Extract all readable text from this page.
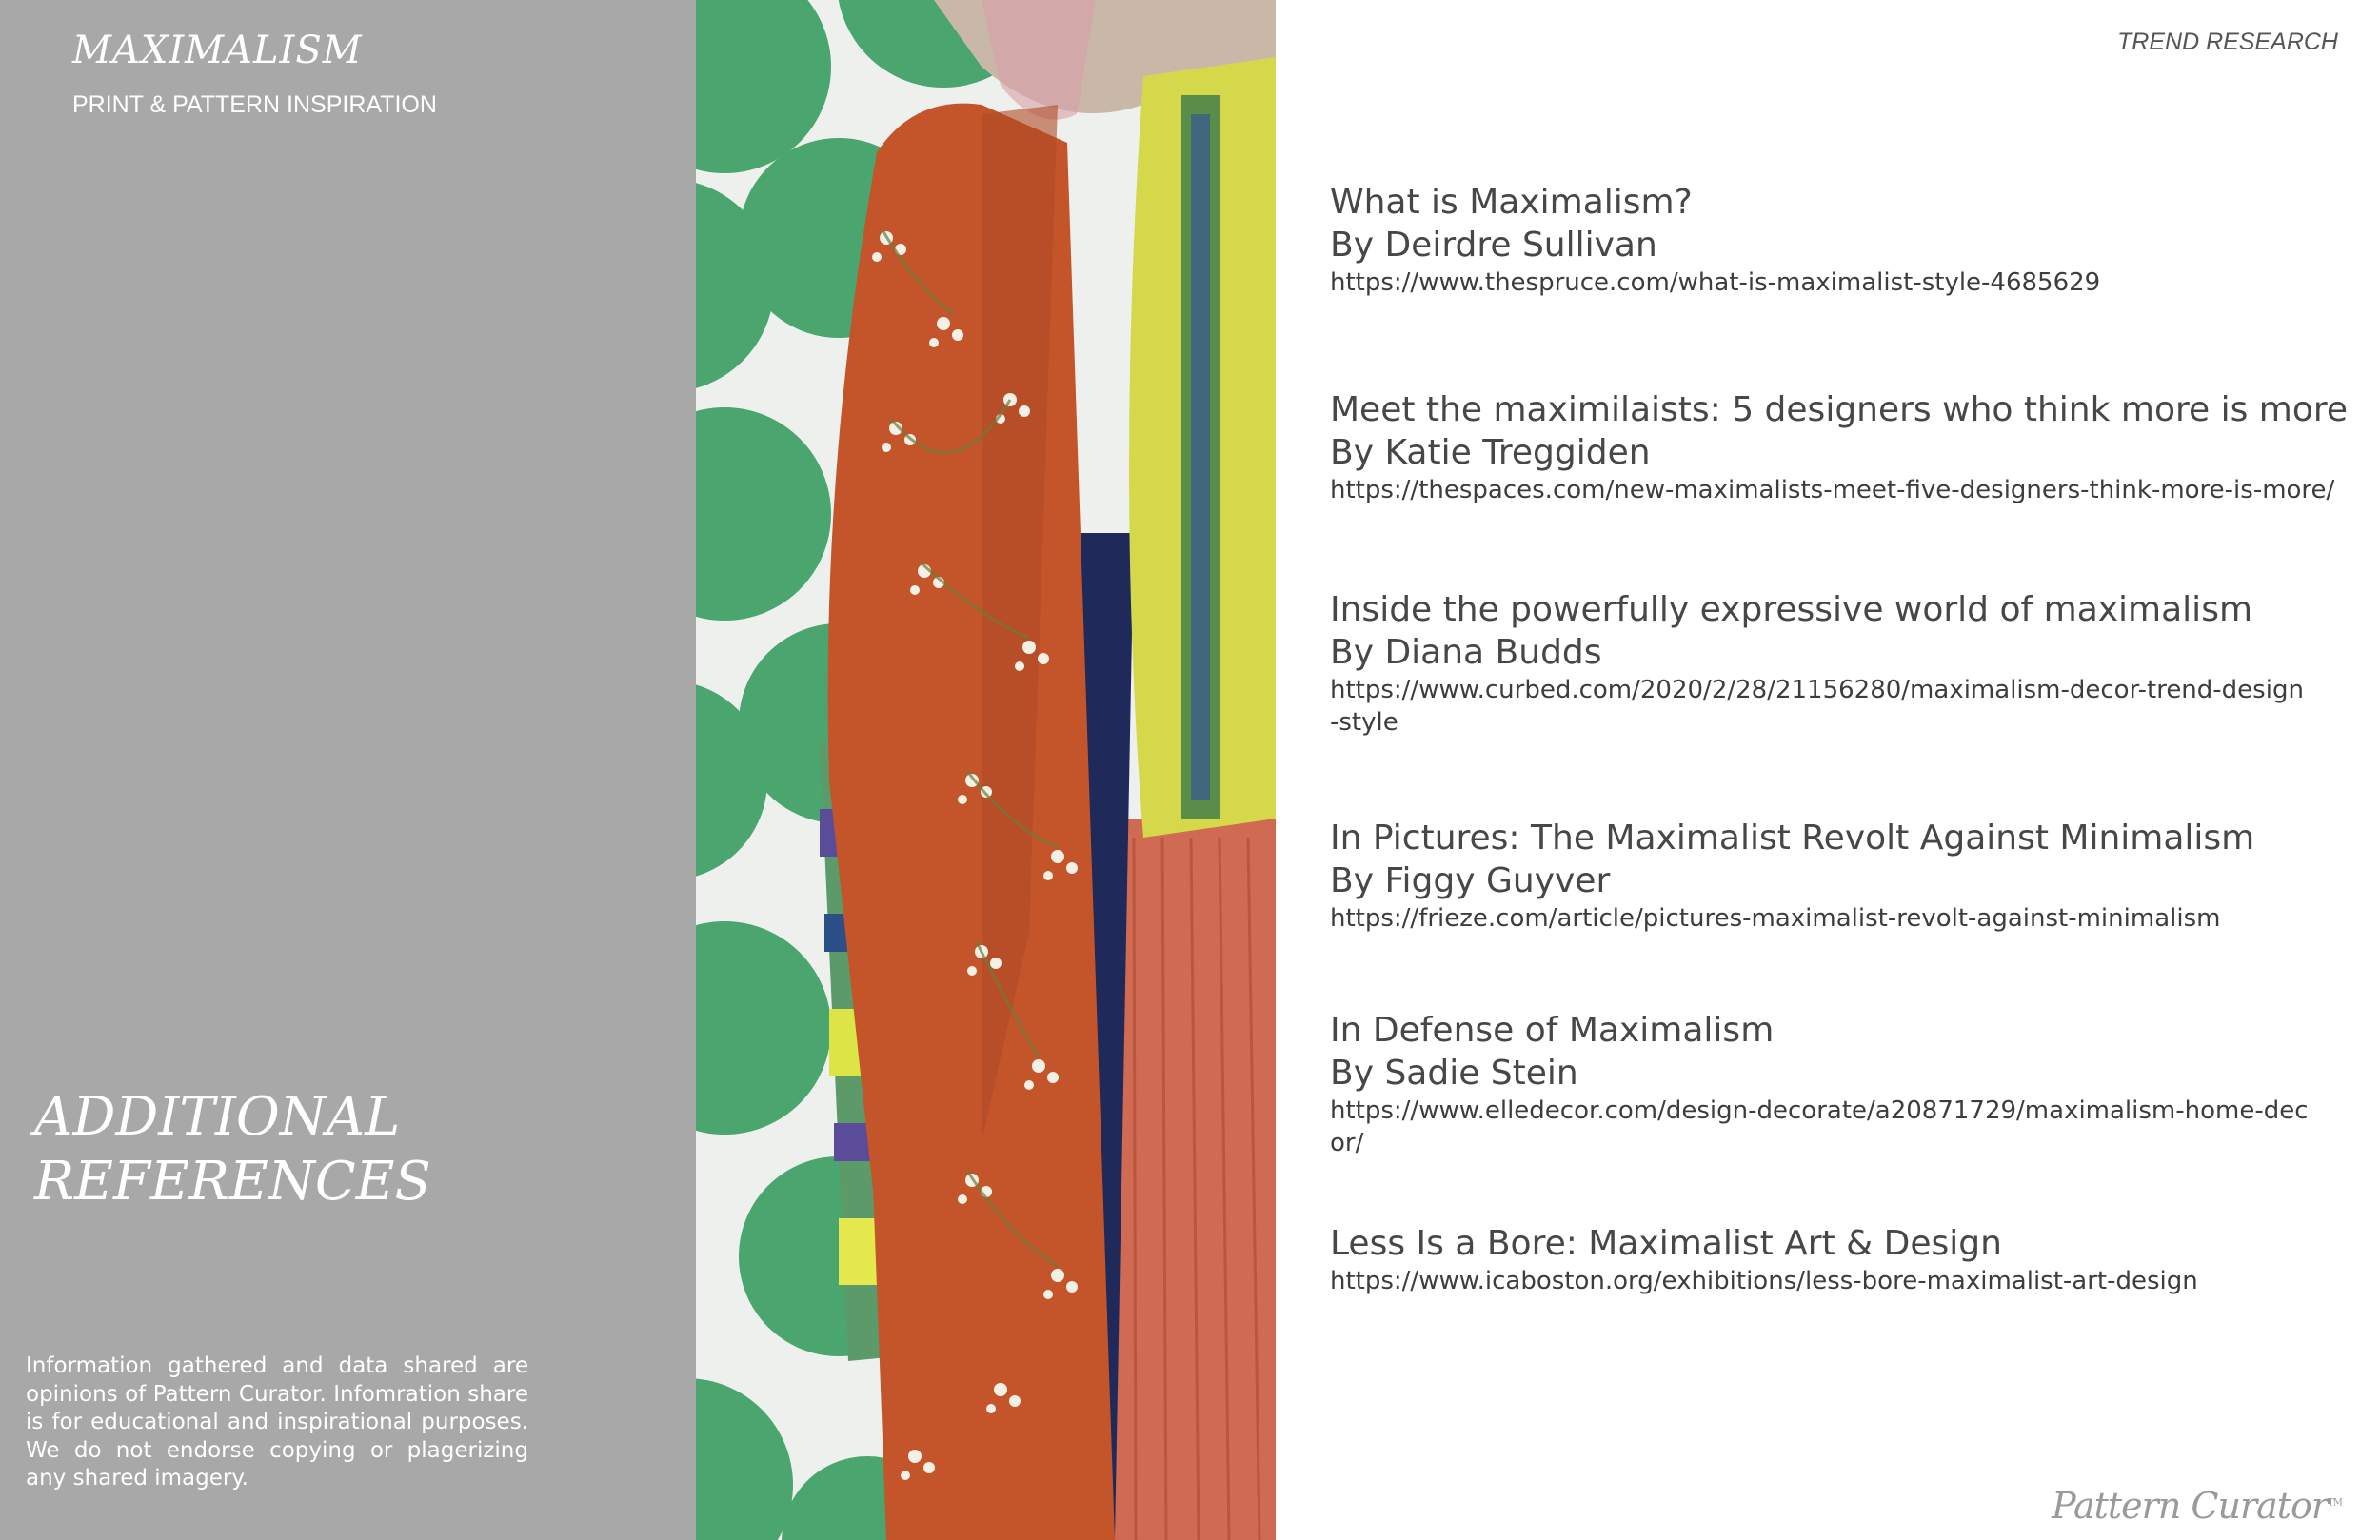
MAXIMALISM
PRINT & PATTERN INSPIRATION
ADDITIONAL
REFERENCES
Information gathered and data shared are opinions of Pattern Curator. Infomration share is for educational and inspirational purposes. We do not endorse copying or plagerizing any shared imagery.
TREND RESEARCH
What is Maximalism?
By Deirdre Sullivan
https://www.thespruce.com/what-is-maximalist-style-4685629
Meet the maximilaists: 5 designers who think more is more
By Katie Treggiden
https://thespaces.com/new-maximalists-meet-five-designers-think-more-is-more/
Inside the powerfully expressive world of maximalism
By Diana Budds
https://www.curbed.com/2020/2/28/21156280/maximalism-decor-trend-design-style
In Pictures: The Maximalist Revolt Against Minimalism
By Figgy Guyver
https://frieze.com/article/pictures-maximalist-revolt-against-minimalism
In Defense of Maximalism
By Sadie Stein
https://www.elledecor.com/design-decorate/a20871729/maximalism-home-decor/
Less Is a Bore: Maximalist Art & Design
https://www.icaboston.org/exhibitions/less-bore-maximalist-art-design
Pattern Curator™
